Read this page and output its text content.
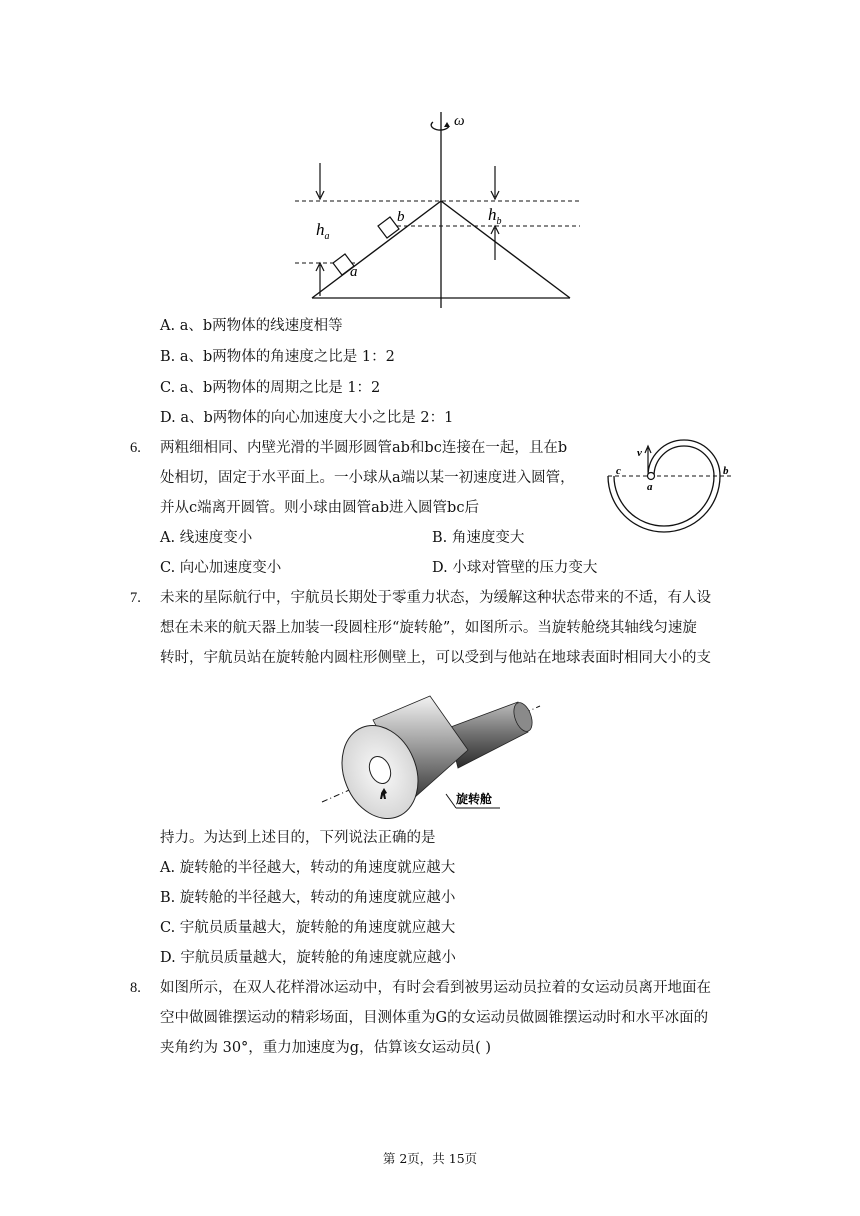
ω
a
b
$h_a$
$h_b$
A. a、b两物体的线速度相等
B. a、b两物体的角速度之比是 1：2
C. a、b两物体的周期之比是 1：2
D. a、b两物体的向心加速度大小之比是 2：1
6. 两粗细相同、内壁光滑的半圆形圆管ab和bc连接在一起，且在b
处相切，固定于水平面上。一小球从a端以某一初速度进入圆管，
并从c端离开圆管。则小球由圆管ab进入圆管bc后
v
a
b
c
A. 线速度变小	B. 角速度变大
C. 向心加速度变小	D. 小球对管壁的压力变大
7. 未来的星际航行中，宇航员长期处于零重力状态，为缓解这种状态带来的不适，有人设
想在未来的航天器上加装一段圆柱形“旋转舱”，如图所示。当旋转舱绕其轴线匀速旋
转时，宇航员站在旋转舱内圆柱形侧壁上，可以受到与他站在地球表面时相同大小的支
旋转舱
持力。为达到上述目的，下列说法正确的是
A. 旋转舱的半径越大，转动的角速度就应越大
B. 旋转舱的半径越大，转动的角速度就应越小
C. 宇航员质量越大，旋转舱的角速度就应越大
D. 宇航员质量越大，旋转舱的角速度就应越小
8. 如图所示，在双人花样滑冰运动中，有时会看到被男运动员拉着的女运动员离开地面在
空中做圆锥摆运动的精彩场面，目测体重为G的女运动员做圆锥摆运动时和水平冰面的
夹角约为 30°，重力加速度为g，估算该女运动员( )
第 2页，共 15页
